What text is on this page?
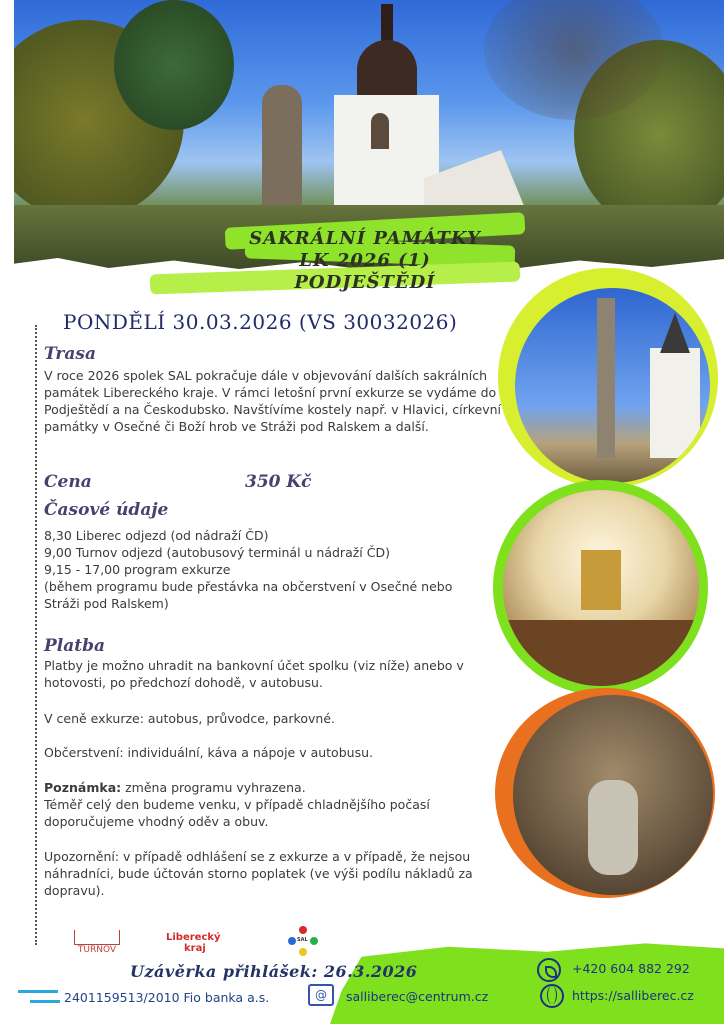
SAKRÁLNÍ PAMÁTKY
LK 2026 (1)
PODJEŠTĚDÍ
PONDĚLÍ 30.03.2026 (VS 30032026)
Trasa
V roce 2026 spolek SAL pokračuje dále v objevování dalších sakrálních památek Libereckého kraje. V rámci letošní první exkurze se vydáme do Podještědí a na Českodubsko. Navštívíme kostely např. v Hlavici, církevní památky v Osečné či Boží hrob ve Stráži pod Ralskem a další.
Cena	350 Kč
Časové údaje
8,30 Liberec odjezd (od nádraží ČD)
9,00 Turnov odjezd (autobusový terminál u nádraží ČD)
9,15 - 17,00 program exkurze
(během programu bude přestávka na občerstvení v Osečné nebo
Stráži pod Ralskem)
Platba
Platby je možno uhradit na bankovní účet spolku (viz níže) anebo v hotovosti, po předchozí dohodě, v autobusu.
V ceně exkurze: autobus, průvodce, parkovné.
Občerstvení: individuální, káva a nápoje v autobusu.
Poznámka: změna programu vyhrazena.
Téměř celý den budeme venku, v případě chladnějšího počasí doporučujeme vhodný oděv a obuv.
Upozornění: v případě odhlášení se z exkurze a v případě, že nejsou náhradníci, bude účtován storno poplatek (ve výši podílu nákladů za dopravu).
TURNOV
Liberecký
kraj
SAL
Uzávěrka přihlášek: 26.3.2026
2401159513/2010 Fio banka a.s.	@	salliberec@centrum.cz
+420 604 882 292
https://salliberec.cz
